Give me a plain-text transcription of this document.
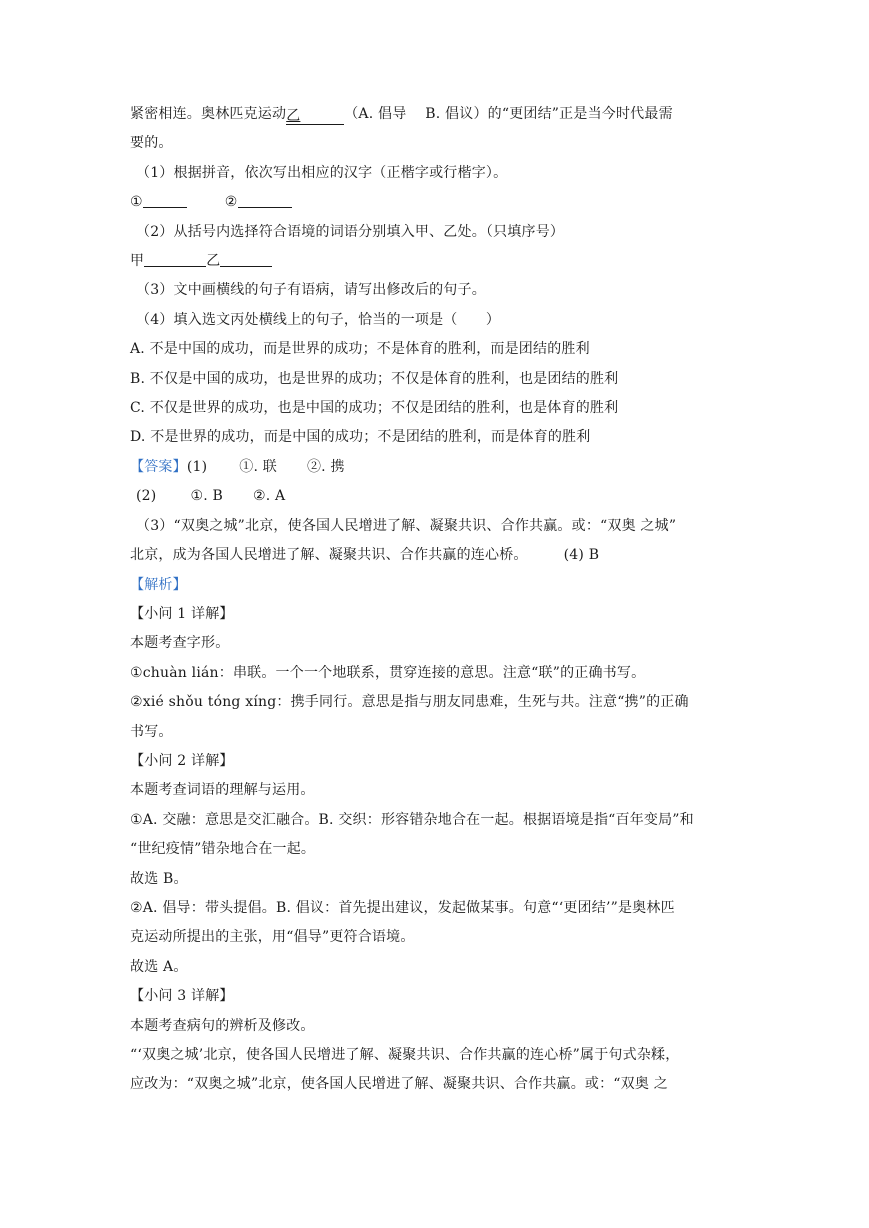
紧密相连。奥林匹克运动乙	（A. 倡导　 B. 倡议）的“更团结”正是当今时代最需
要的。
（1）根据拼音，依次写出相应的汉字（正楷字或行楷字）。
①	②
（2）从括号内选择符合语境的词语分别填入甲、乙处。（只填序号）
甲	乙
（3）文中画横线的句子有语病，请写出修改后的句子。
（4）填入选文丙处横线上的句子，恰当的一项是（　　）
A. 不是中国的成功，而是世界的成功；不是体育的胜利，而是团结的胜利
B. 不仅是中国的成功，也是世界的成功；不仅是体育的胜利，也是团结的胜利
C. 不仅是世界的成功，也是中国的成功；不仅是团结的胜利，也是体育的胜利
D. 不是世界的成功，而是中国的成功；不是团结的胜利，而是体育的胜利
【答案】(1) ①. 联 ②. 携
(2) ①. B ②. A
（3）“双奥之城”北京，使各国人民增进了解、凝聚共识、合作共赢。或：“双奥 之城”
北京，成为各国人民增进了解、凝聚共识、合作共赢的连心桥。	(4) B
【解析】
【小问 1 详解】
本题考查字形。
①chuàn lián：串联。一个一个地联系，贯穿连接的意思。注意“联”的正确书写。
②xié shǒu tóng xíng：携手同行。意思是指与朋友同患难，生死与共。注意“携”的正确
书写。
【小问 2 详解】
本题考查词语的理解与运用。
①A. 交融：意思是交汇融合。B. 交织：形容错杂地合在一起。根据语境是指“百年变局”和
“世纪疫情”错杂地合在一起。
故选 B。
②A. 倡导：带头提倡。B. 倡议：首先提出建议，发起做某事。句意“‘更团结’”是奥林匹
克运动所提出的主张，用“倡导”更符合语境。
故选 A。
【小问 3 详解】
本题考查病句的辨析及修改。
“‘双奥之城’北京，使各国人民增进了解、凝聚共识、合作共赢的连心桥”属于句式杂糅，
应改为：“双奥之城”北京，使各国人民增进了解、凝聚共识、合作共赢。或：“双奥 之
